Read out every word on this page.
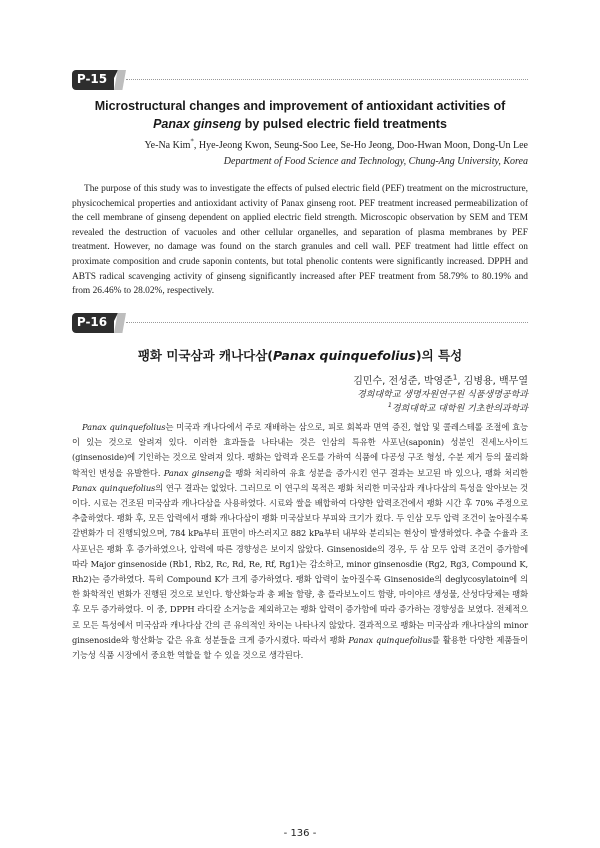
P-15
Microstructural changes and improvement of antioxidant activities of
Panax ginseng by pulsed electric field treatments
Ye-Na Kim*, Hye-Jeong Kwon, Seung-Soo Lee, Se-Ho Jeong, Doo-Hwan Moon, Dong-Un Lee
Department of Food Science and Technology, Chung-Ang University, Korea

The purpose of this study was to investigate the effects of pulsed electric field (PEF) treatment on the microstructure, physicochemical properties and antioxidant activity of Panax ginseng root. PEF treatment increased permeabilization of the cell membrane of ginseng dependent on applied electric field strength. Microscopic observation by SEM and TEM revealed the destruction of vacuoles and other cellular organelles, and separation of plasma membranes by PEF treatment. However, no damage was found on the starch granules and cell wall. PEF treatment had little effect on proximate composition and crude saponin contents, but total phenolic contents were significantly increased. DPPH and ABTS radical scavenging activity of ginseng significantly increased after PEF treatment from 58.79% to 80.19% and from 26.46% to 28.02%, respectively.

P-16
팽화 미국삼과 캐나다삼(Panax quinquefolius)의 특성
김민수, 전성준, 박영준$^1$, 김병용, 백무열
경희대학교 생명자원연구원 식품생명공학과
$^1$경희대학교 대학원 기초한의과학과

Panax quinquefolius는 미국과 캐나다에서 주로 재배하는 삼으로, 피로 회복과 면역 증진, 혈압 및 콜레스테롤 조절에 효능이 있는 것으로 알려져 있다. 이러한 효과들을 나타내는 것은 인삼의 특유한 사포닌(saponin) 성분인 진세노사이드(ginsenoside)에 기인하는 것으로 알려져 있다. 팽화는 압력과 온도를 가하여 식품에 다공성 구조 형성, 수분 제거 등의 물리화학적인 변성을 유발한다. Panax ginseng을 팽화 처리하여 유효 성분을 증가시킨 연구 결과는 보고된 바 있으나, 팽화 처리한 Panax quinquefolius의 연구 결과는 없었다. 그러므로 이 연구의 목적은 팽화 처리한 미국삼과 캐나다삼의 특성을 알아보는 것이다. 시료는 건조된 미국삼과 캐나다삼을 사용하였다. 시료와 쌀을 배합하여 다양한 압력조건에서 팽화 시간 후 70% 주정으로 추출하였다. 팽화 후, 모든 압력에서 팽화 캐나다삼이 팽화 미국삼보다 부피와 크기가 컸다. 두 인삼 모두 압력 조건이 높아질수록 갈변화가 더 진행되었으며, 784 kPa부터 표면이 바스러지고 882 kPa부터 내부와 분리되는 현상이 발생하였다. 추출 수율과 조사포닌은 팽화 후 증가하였으나, 압력에 따른 경향성은 보이지 않았다. Ginsenoside의 경우, 두 삼 모두 압력 조건이 증가함에 따라 Major ginsenoside (Rb1, Rb2, Rc, Rd, Re, Rf, Rg1)는 감소하고, minor ginsenosdie (Rg2, Rg3, Compound K, Rh2)는 증가하였다. 특히 Compound K가 크게 증가하였다. 팽화 압력이 높아질수록 Ginsenoside의 deglycosylatoin에 의한 화학적인 변화가 진행된 것으로 보인다. 항산화능과 총 페놀 함량, 총 플라보노이드 함량, 마이야르 생성물, 산성다당체는 팽화 후 모두 증가하였다. 이 중, DPPH 라디칼 소거능을 제외하고는 팽화 압력이 증가함에 따라 증가하는 경향성을 보였다. 전체적으로 모든 특성에서 미국삼과 캐나다삼 간의 큰 유의적인 차이는 나타나지 않았다. 결과적으로 팽화는 미국삼과 캐나다삼의 minor ginsenoside와 항산화능 같은 유효 성분들을 크게 증가시켰다. 따라서 팽화 Panax quinquefolius를 활용한 다양한 제품들이 기능성 식품 시장에서 중요한 역할을 할 수 있을 것으로 생각된다.

- 136 -
